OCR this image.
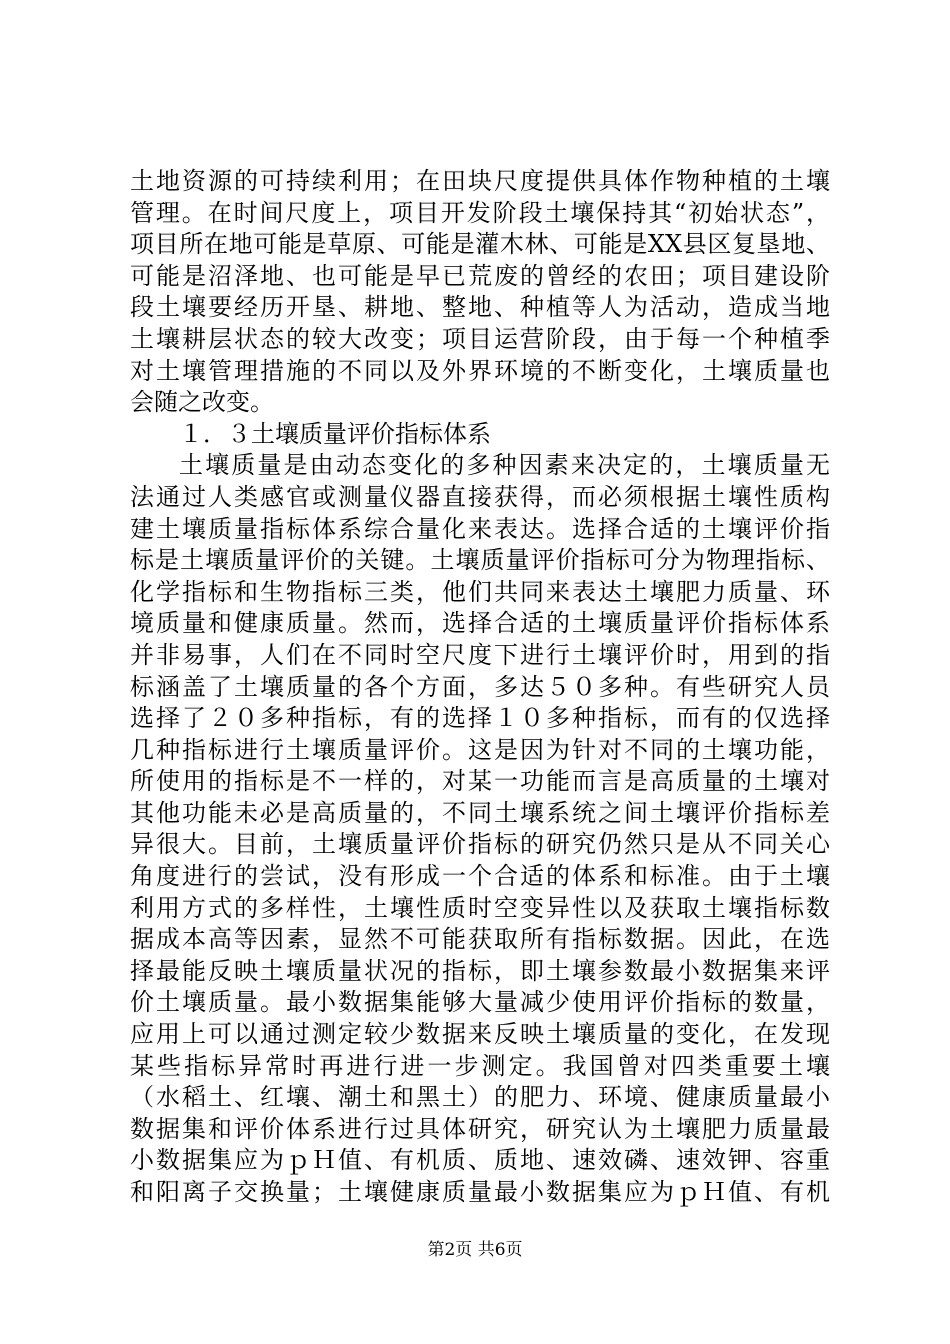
土地资源的可持续利用；在田块尺度提供具体作物种植的土壤
管理。在时间尺度上，项目开发阶段土壤保持其“初始状态”，
项目所在地可能是草原、可能是灌木林、可能是XX县区复垦地、
可能是沼泽地、也可能是早已荒废的曾经的农田；项目建设阶
段土壤要经历开垦、耕地、整地、种植等人为活动，造成当地
土壤耕层状态的较大改变；项目运营阶段，由于每一个种植季
对土壤管理措施的不同以及外界环境的不断变化，土壤质量也
会随之改变。
１．３土壤质量评价指标体系
土壤质量是由动态变化的多种因素来决定的，土壤质量无
法通过人类感官或测量仪器直接获得，而必须根据土壤性质构
建土壤质量指标体系综合量化来表达。选择合适的土壤评价指
标是土壤质量评价的关键。土壤质量评价指标可分为物理指标、
化学指标和生物指标三类，他们共同来表达土壤肥力质量、环
境质量和健康质量。然而，选择合适的土壤质量评价指标体系
并非易事，人们在不同时空尺度下进行土壤评价时，用到的指
标涵盖了土壤质量的各个方面，多达５０多种。有些研究人员
选择了２０多种指标，有的选择１０多种指标，而有的仅选择
几种指标进行土壤质量评价。这是因为针对不同的土壤功能，
所使用的指标是不一样的，对某一功能而言是高质量的土壤对
其他功能未必是高质量的，不同土壤系统之间土壤评价指标差
异很大。目前，土壤质量评价指标的研究仍然只是从不同关心
角度进行的尝试，没有形成一个合适的体系和标准。由于土壤
利用方式的多样性，土壤性质时空变异性以及获取土壤指标数
据成本高等因素，显然不可能获取所有指标数据。因此，在选
择最能反映土壤质量状况的指标，即土壤参数最小数据集来评
价土壤质量。最小数据集能够大量减少使用评价指标的数量，
应用上可以通过测定较少数据来反映土壤质量的变化，在发现
某些指标异常时再进行进一步测定。我国曾对四类重要土壤
（水稻土、红壤、潮土和黑土）的肥力、环境、健康质量最小
数据集和评价体系进行过具体研究，研究认为土壤肥力质量最
小数据集应为ｐＨ值、有机质、质地、速效磷、速效钾、容重
和阳离子交换量；土壤健康质量最小数据集应为ｐＨ值、有机
第2页 共6页
